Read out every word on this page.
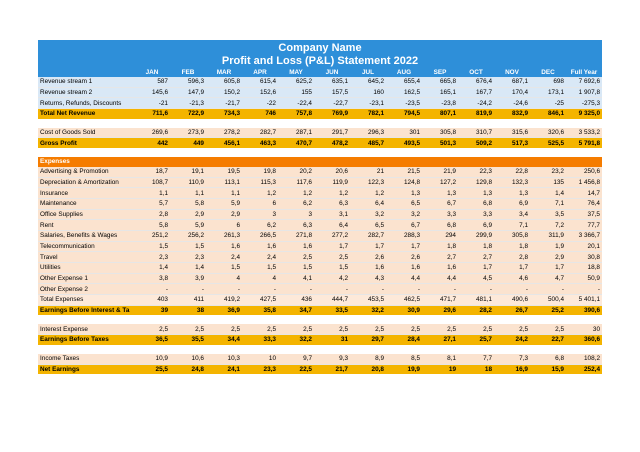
Company Name
Profit and Loss (P&L) Statement 2022
	JAN	FEB	MAR	APR	MAY	JUN	JUL	AUG	SEP	OCT	NOV	DEC	Full Year
Revenue stream 1	587	596,3	605,8	615,4	625,2	635,1	645,2	655,4	665,8	676,4	687,1	698	7 692,6
Revenue stream 2	145,6	147,9	150,2	152,6	155	157,5	160	162,5	165,1	167,7	170,4	173,1	1 907,8
Returns, Refunds, Discounts	-21	-21,3	-21,7	-22	-22,4	-22,7	-23,1	-23,5	-23,8	-24,2	-24,6	-25	-275,3
Total Net Revenue	711,6	722,9	734,3	746	757,8	769,9	782,1	794,5	807,1	819,9	832,9	846,1	9 325,0

Cost of Goods Sold	269,6	273,9	278,2	282,7	287,1	291,7	296,3	301	305,8	310,7	315,6	320,6	3 533,2
Gross Profit	442	449	456,1	463,3	470,7	478,2	485,7	493,5	501,3	509,2	517,3	525,5	5 791,8

Expenses													
Advertising & Promotion	18,7	19,1	19,5	19,8	20,2	20,6	21	21,5	21,9	22,3	22,8	23,2	250,6
Depreciation & Amortization	108,7	110,9	113,1	115,3	117,6	119,9	122,3	124,8	127,2	129,8	132,3	135	1 456,8
Insurance	1,1	1,1	1,1	1,2	1,2	1,2	1,2	1,3	1,3	1,3	1,3	1,4	14,7
Maintenance	5,7	5,8	5,9	6	6,2	6,3	6,4	6,5	6,7	6,8	6,9	7,1	76,4
Office Supplies	2,8	2,9	2,9	3	3	3,1	3,2	3,2	3,3	3,3	3,4	3,5	37,5
Rent	5,8	5,9	6	6,2	6,3	6,4	6,5	6,7	6,8	6,9	7,1	7,2	77,7
Salaries, Benefits & Wages	251,2	256,2	261,3	266,5	271,8	277,2	282,7	288,3	294	299,9	305,8	311,9	3 366,7
Telecommunication	1,5	1,5	1,6	1,6	1,6	1,7	1,7	1,7	1,8	1,8	1,8	1,9	20,1
Travel	2,3	2,3	2,4	2,4	2,5	2,5	2,6	2,6	2,7	2,7	2,8	2,9	30,8
Utilities	1,4	1,4	1,5	1,5	1,5	1,5	1,6	1,6	1,6	1,7	1,7	1,7	18,8
Other Expense 1	3,8	3,9	4	4	4,1	4,2	4,3	4,4	4,4	4,5	4,6	4,7	50,9
Other Expense 2	-	-	-	-	-	-	-	-	-	-	-	-	-
Total Expenses	403	411	419,2	427,5	436	444,7	453,5	462,5	471,7	481,1	490,6	500,4	5 401,1
Earnings Before Interest & Ta	39	38	36,9	35,8	34,7	33,5	32,2	30,9	29,6	28,2	26,7	25,2	390,6

Interest Expense	2,5	2,5	2,5	2,5	2,5	2,5	2,5	2,5	2,5	2,5	2,5	2,5	30
Earnings Before Taxes	36,5	35,5	34,4	33,3	32,2	31	29,7	28,4	27,1	25,7	24,2	22,7	360,6

Income Taxes	10,9	10,6	10,3	10	9,7	9,3	8,9	8,5	8,1	7,7	7,3	6,8	108,2
Net Earnings	25,5	24,8	24,1	23,3	22,5	21,7	20,8	19,9	19	18	16,9	15,9	252,4
